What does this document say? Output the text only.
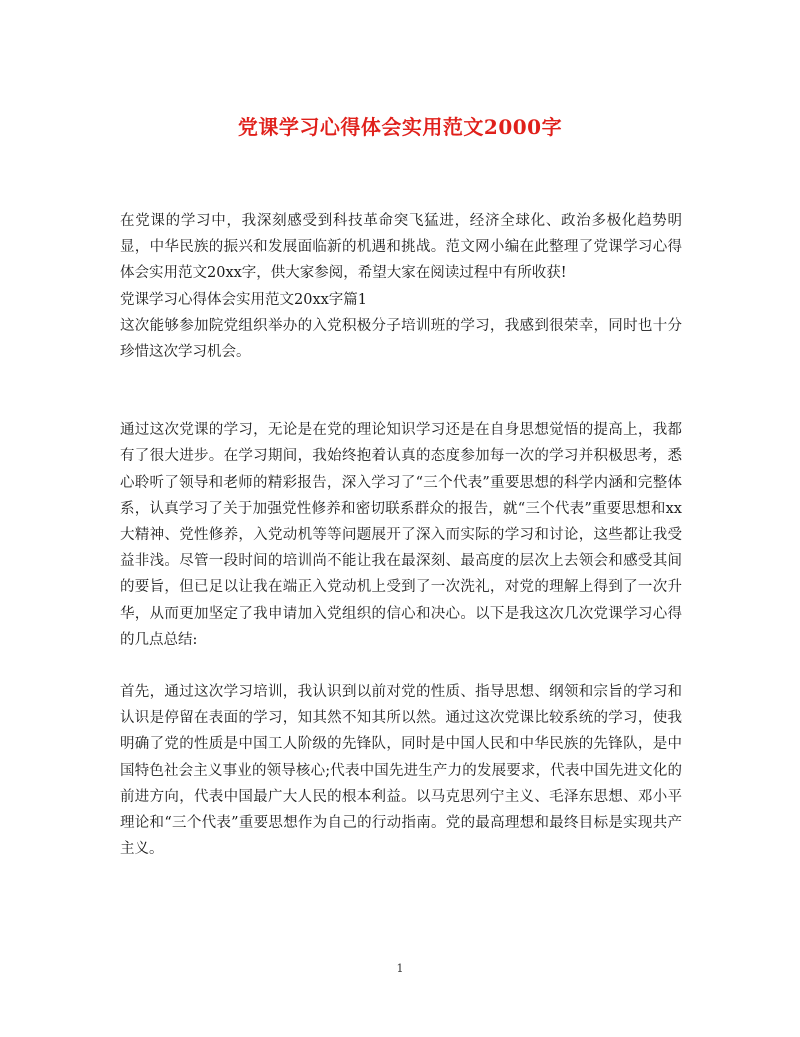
党课学习心得体会实用范文2000字

在党课的学习中，我深刻感受到科技革命突飞猛进，经济全球化、政治多极化趋势明显，中华民族的振兴和发展面临新的机遇和挑战。范文网小编在此整理了党课学习心得体会实用范文20xx字，供大家参阅，希望大家在阅读过程中有所收获!

党课学习心得体会实用范文20xx字篇1

这次能够参加院党组织举办的入党积极分子培训班的学习，我感到很荣幸，同时也十分珍惜这次学习机会。

通过这次党课的学习，无论是在党的理论知识学习还是在自身思想觉悟的提高上，我都有了很大进步。在学习期间，我始终抱着认真的态度参加每一次的学习并积极思考，悉心聆听了领导和老师的精彩报告，深入学习了“三个代表”重要思想的科学内涵和完整体系，认真学习了关于加强党性修养和密切联系群众的报告，就“三个代表”重要思想和xx大精神、党性修养，入党动机等等问题展开了深入而实际的学习和讨论，这些都让我受益非浅。尽管一段时间的培训尚不能让我在最深刻、最高度的层次上去领会和感受其间的要旨，但已足以让我在端正入党动机上受到了一次洗礼，对党的理解上得到了一次升华，从而更加坚定了我申请加入党组织的信心和决心。以下是我这次几次党课学习心得的几点总结:

首先，通过这次学习培训，我认识到以前对党的性质、指导思想、纲领和宗旨的学习和认识是停留在表面的学习，知其然不知其所以然。通过这次党课比较系统的学习，使我明确了党的性质是中国工人阶级的先锋队，同时是中国人民和中华民族的先锋队，是中国特色社会主义事业的领导核心;代表中国先进生产力的发展要求，代表中国先进文化的前进方向，代表中国最广大人民的根本利益。以马克思列宁主义、毛泽东思想、邓小平理论和“三个代表”重要思想作为自己的行动指南。党的最高理想和最终目标是实现共产主义。

1
